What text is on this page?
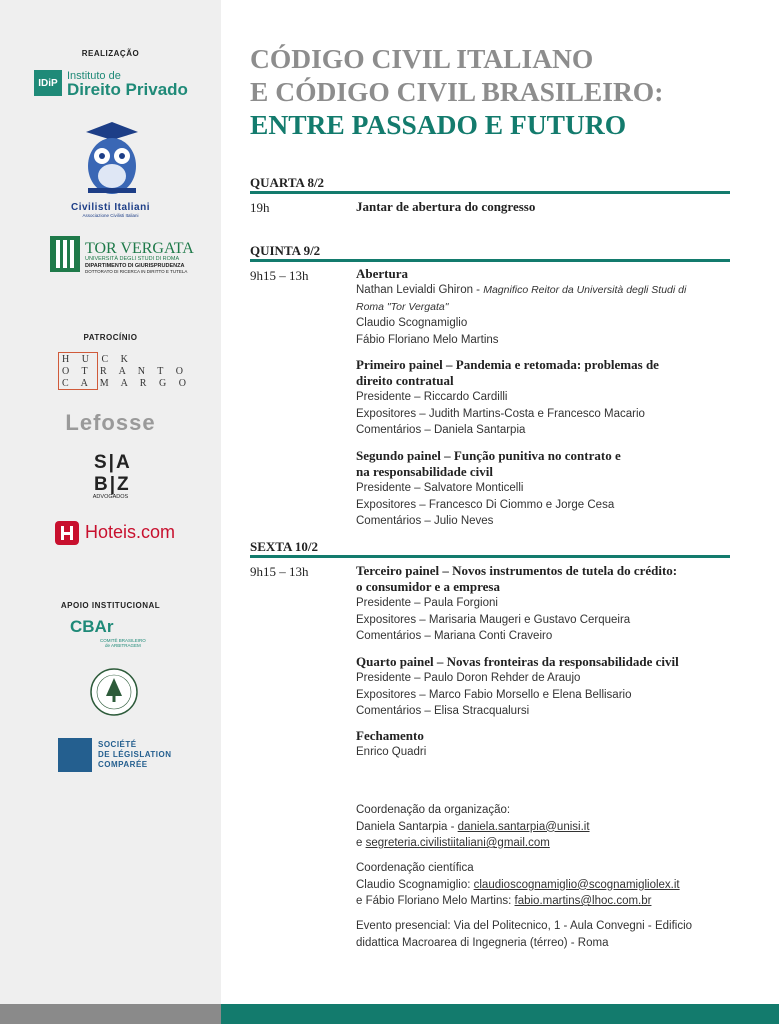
REALIZAÇÃO
IDiP
Instituto de
Direito Privado
Civilisti Italiani
Associazione Civilisti Italiani
TOR VERGATA
UNIVERSITÀ DEGLI STUDI DI ROMA
DIPARTIMENTO DI GIURISPRUDENZA
DOTTORATO DI RICERCA IN DIRITTO E TUTELA
PATROCÍNIO
H U C K
O T R A N T O
C A M A R G O
Lefosse
S|A
B|Z
ADVOGADOS
Hoteis.com
APOIO INSTITUCIONAL
CBAr
COMITÊ BRASILEIRO
de ARBITRAGEM
SOCIÉTÉ
DE LÉGISLATION
COMPARÉE
CÓDIGO CIVIL ITALIANO
E CÓDIGO CIVIL BRASILEIRO:
ENTRE PASSADO E FUTURO
QUARTA 8/2
19h	Jantar de abertura do congresso
QUINTA 9/2
9h15 – 13h	Abertura
Nathan Levialdi Ghiron - Magnifico Reitor da Università degli Studi di
Roma "Tor Vergata"
Claudio Scognamiglio
Fábio Floriano Melo Martins
Primeiro painel – Pandemia e retomada: problemas de
direito contratual
Presidente – Riccardo Cardilli
Expositores – Judith Martins-Costa e Francesco Macario
Comentários – Daniela Santarpia
Segundo painel – Função punitiva no contrato e
na responsabilidade civil
Presidente – Salvatore Monticelli
Expositores – Francesco Di Ciommo e Jorge Cesa
Comentários – Julio Neves
SEXTA 10/2
9h15 – 13h	Terceiro painel – Novos instrumentos de tutela do crédito:
o consumidor e a empresa
Presidente – Paula Forgioni
Expositores – Marisaria Maugeri e Gustavo Cerqueira
Comentários – Mariana Conti Craveiro
Quarto painel – Novas fronteiras da responsabilidade civil
Presidente – Paulo Doron Rehder de Araujo
Expositores – Marco Fabio Morsello e Elena Bellisario
Comentários – Elisa Stracqualursi
Fechamento
Enrico Quadri
Coordenação da organização:
Daniela Santarpia - daniela.santarpia@unisi.it
e segreteria.civilistiitaliani@gmail.com
Coordenação científica
Claudio Scognamiglio: claudioscognamiglio@scognamigliolex.it
e Fábio Floriano Melo Martins: fabio.martins@lhoc.com.br
Evento presencial: Via del Politecnico, 1 - Aula Convegni - Edificio
didattica Macroarea di Ingegneria (térreo) - Roma
